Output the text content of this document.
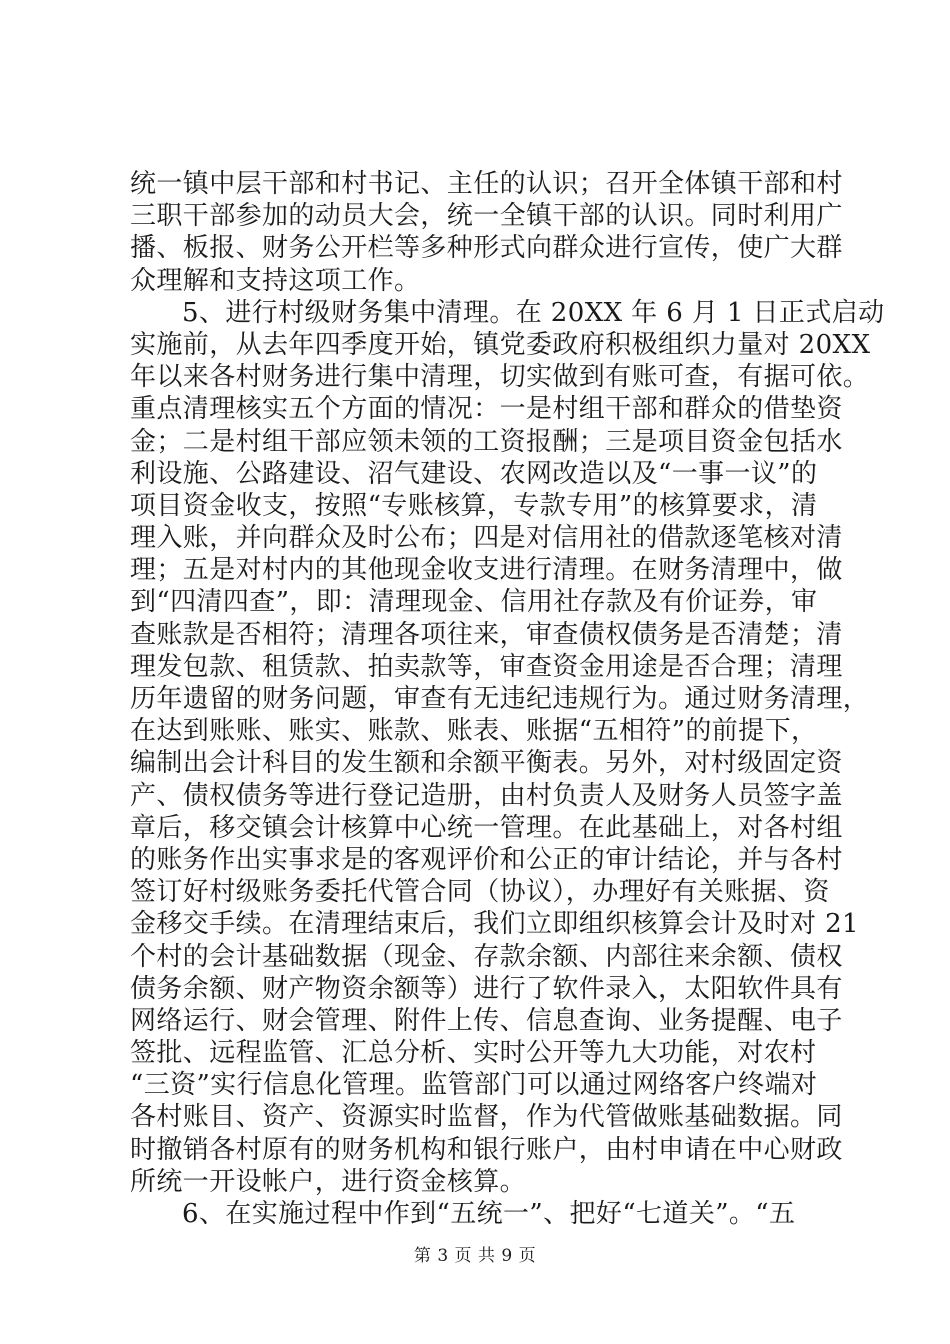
统一镇中层干部和村书记、主任的认识；召开全体镇干部和村
三职干部参加的动员大会，统一全镇干部的认识。同时利用广
播、板报、财务公开栏等多种形式向群众进行宣传，使广大群
众理解和支持这项工作。
5、进行村级财务集中清理。在 20XX 年 6 月 1 日正式启动
实施前，从去年四季度开始，镇党委政府积极组织力量对 20XX
年以来各村财务进行集中清理，切实做到有账可查，有据可依。
重点清理核实五个方面的情况：一是村组干部和群众的借垫资
金；二是村组干部应领未领的工资报酬；三是项目资金包括水
利设施、公路建设、沼气建设、农网改造以及“一事一议”的
项目资金收支，按照“专账核算，专款专用”的核算要求，清
理入账，并向群众及时公布；四是对信用社的借款逐笔核对清
理；五是对村内的其他现金收支进行清理。在财务清理中，做
到“四清四查”，即：清理现金、信用社存款及有价证券，审
查账款是否相符；清理各项往来，审查债权债务是否清楚；清
理发包款、租赁款、拍卖款等，审查资金用途是否合理；清理
历年遗留的财务问题，审查有无违纪违规行为。通过财务清理，
在达到账账、账实、账款、账表、账据“五相符”的前提下，
编制出会计科目的发生额和余额平衡表。另外，对村级固定资
产、债权债务等进行登记造册，由村负责人及财务人员签字盖
章后，移交镇会计核算中心统一管理。在此基础上，对各村组
的账务作出实事求是的客观评价和公正的审计结论，并与各村
签订好村级账务委托代管合同（协议），办理好有关账据、资
金移交手续。在清理结束后，我们立即组织核算会计及时对 21
个村的会计基础数据（现金、存款余额、内部往来余额、债权
债务余额、财产物资余额等）进行了软件录入，太阳软件具有
网络运行、财会管理、附件上传、信息查询、业务提醒、电子
签批、远程监管、汇总分析、实时公开等九大功能，对农村
“三资”实行信息化管理。监管部门可以通过网络客户终端对
各村账目、资产、资源实时监督，作为代管做账基础数据。同
时撤销各村原有的财务机构和银行账户，由村申请在中心财政
所统一开设帐户，进行资金核算。
6、在实施过程中作到“五统一”、把好“七道关”。“五
第 3 页 共 9 页
